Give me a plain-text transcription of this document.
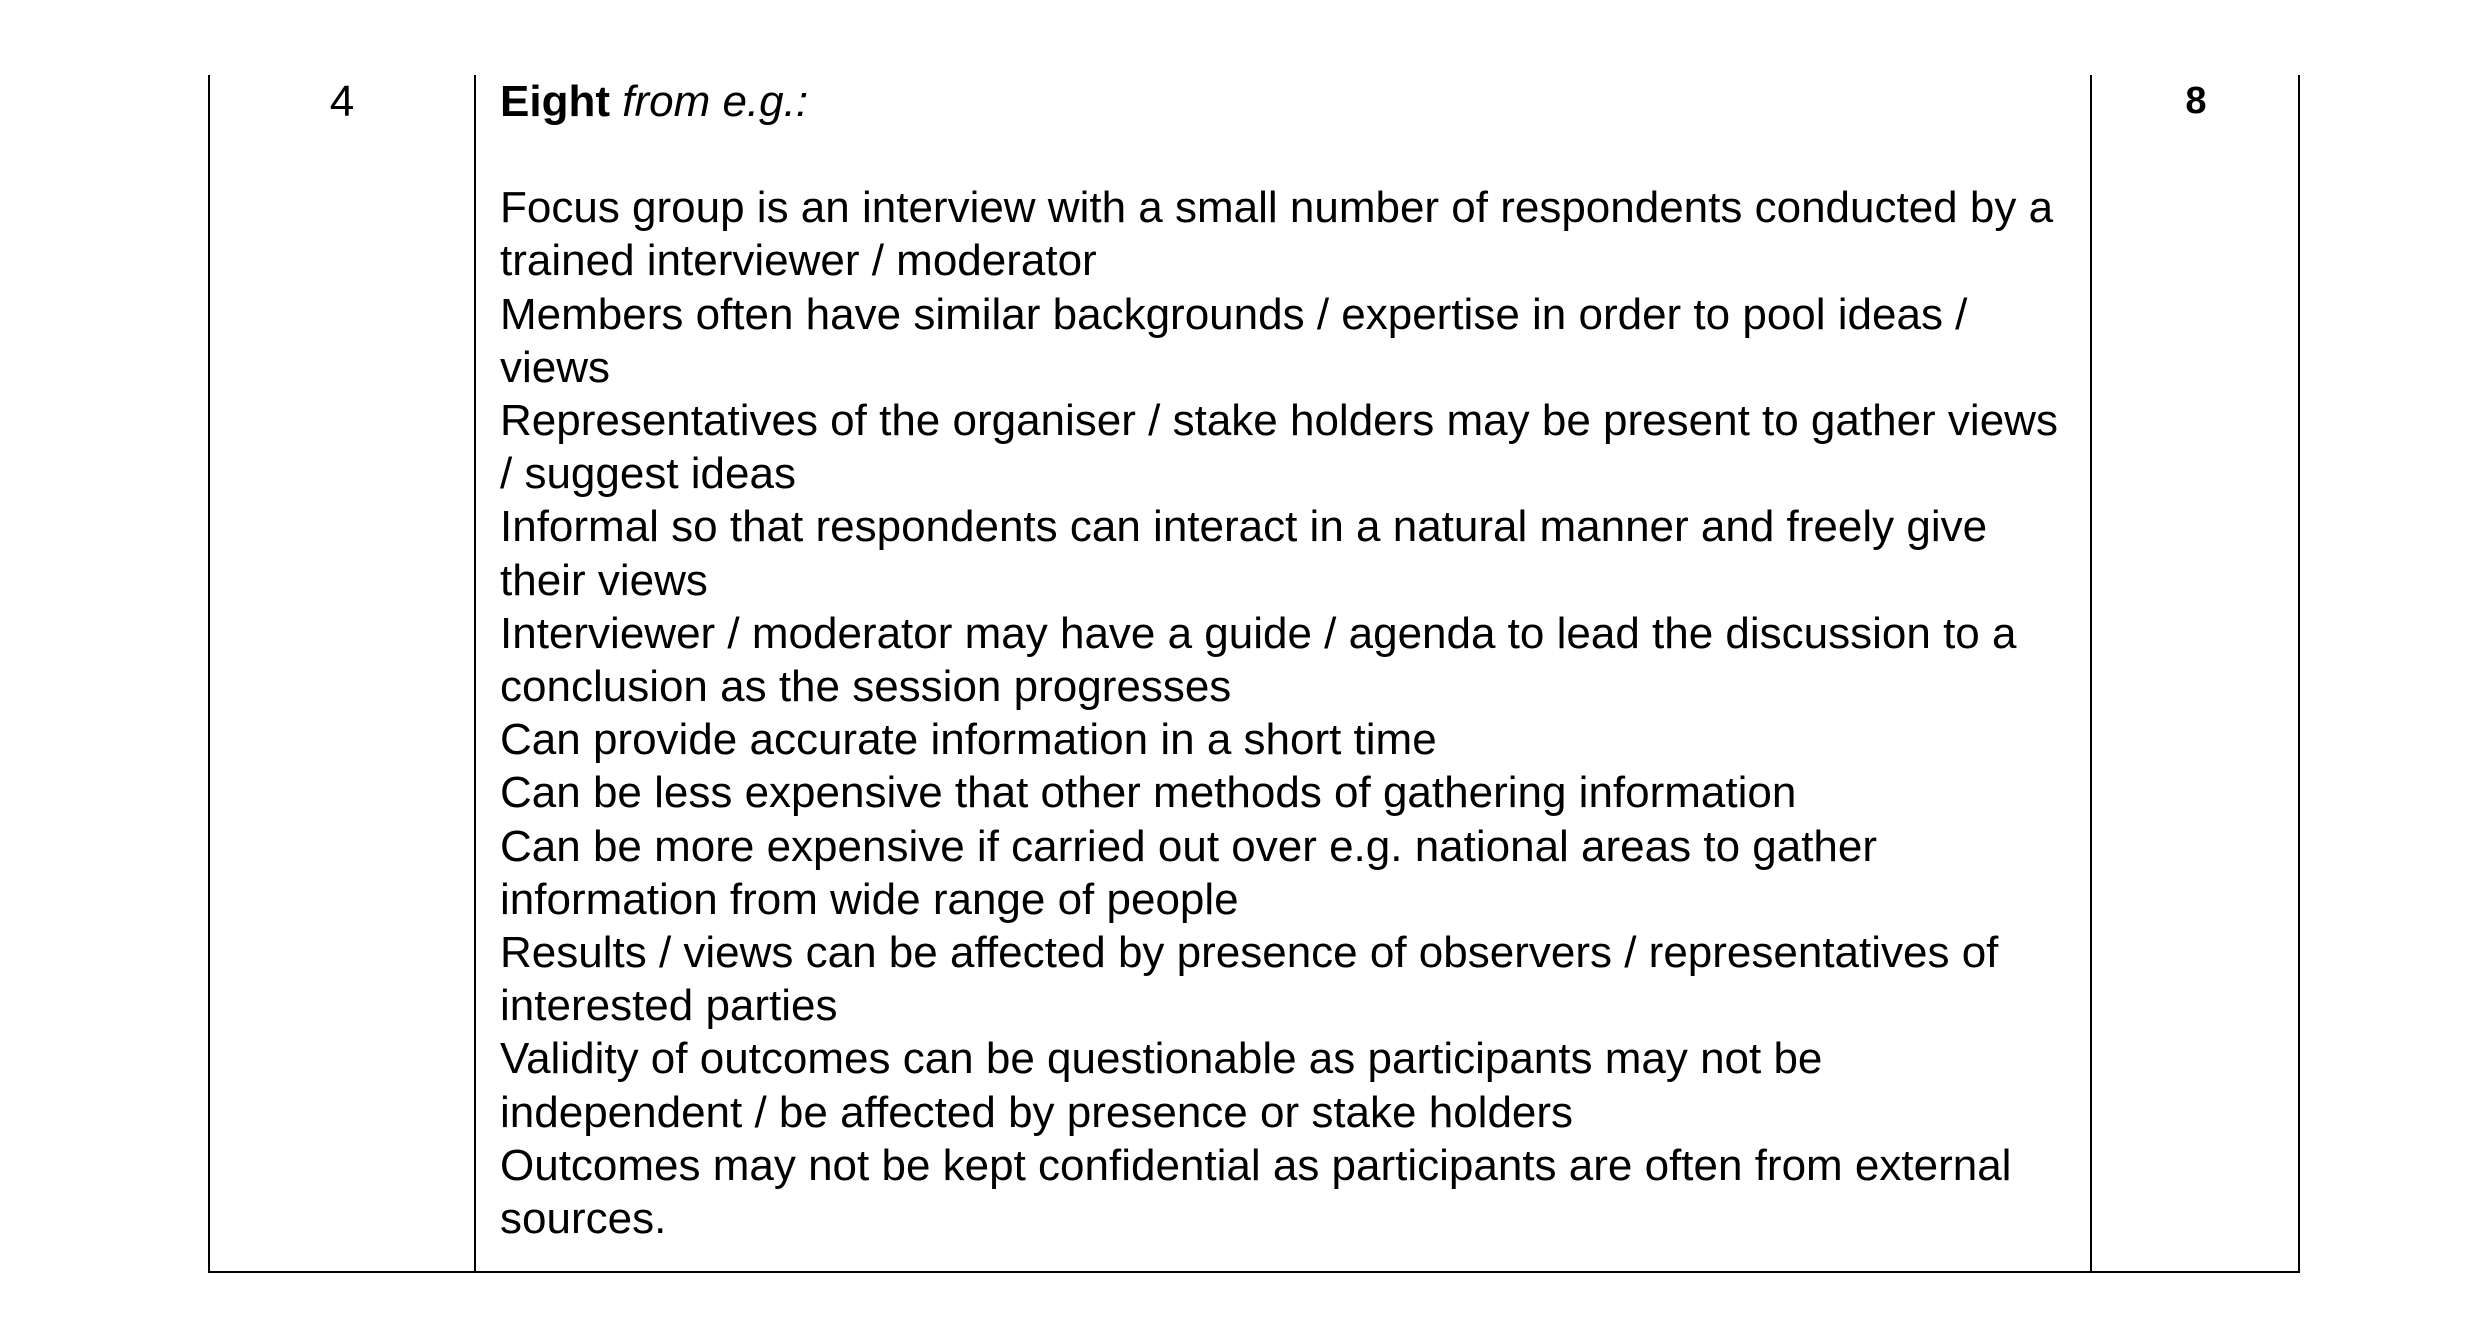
4	Eight from e.g.:

Focus group is an interview with a small number of respondents conducted by a trained interviewer / moderator

Members often have similar backgrounds / expertise in order to pool ideas / views

Representatives of the organiser / stake holders may be present to gather views / suggest ideas

Informal so that respondents can interact in a natural manner and freely give their views

Interviewer / moderator may have a guide / agenda to lead the discussion to a conclusion as the session progresses

Can provide accurate information in a short time

Can be less expensive that other methods of gathering information

Can be more expensive if carried out over e.g. national areas to gather information from wide range of people

Results / views can be affected by presence of observers / representatives of interested parties

Validity of outcomes can be questionable as participants may not be independent / be affected by presence or stake holders

Outcomes may not be kept confidential as participants are often from external sources.

8
